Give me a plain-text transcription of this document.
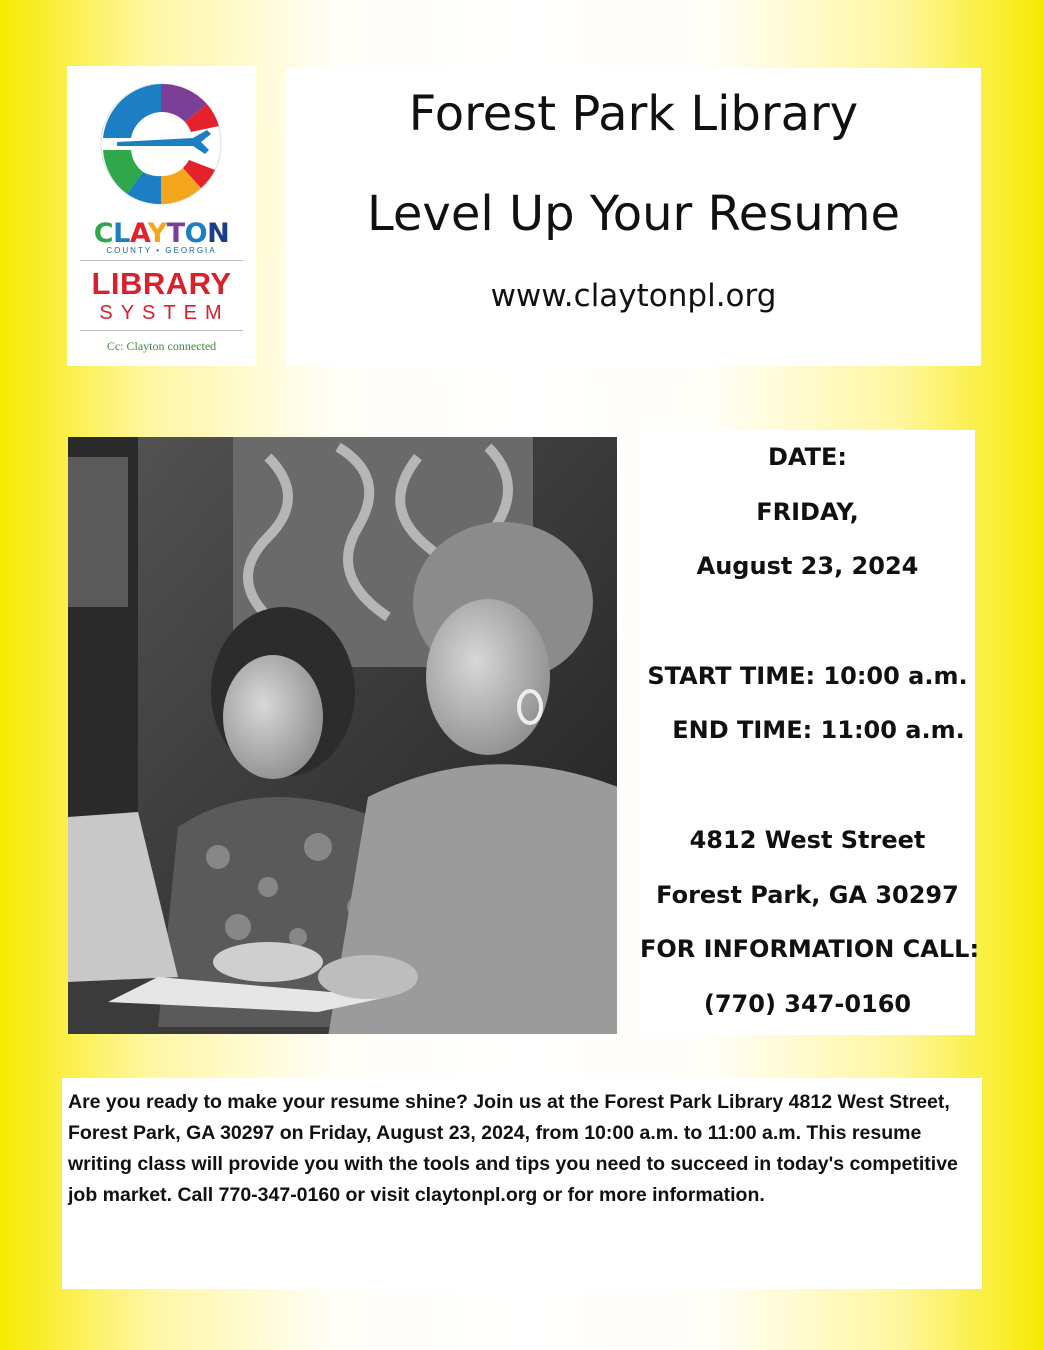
CLAYTON
COUNTY • GEORGIA
LIBRARY
SYSTEM
Cc: Clayton connected
Forest Park Library
Level Up Your Resume
www.claytonpl.org
DATE:
FRIDAY,
August 23, 2024
START TIME: 10:00 a.m.
END TIME: 11:00 a.m.
4812 West Street
Forest Park, GA 30297
FOR INFORMATION CALL:
(770) 347-0160
Are you ready to make your resume shine? Join us at the Forest Park Library 4812 West Street, Forest Park, GA 30297 on Friday, August 23, 2024, from 10:00 a.m. to 11:00 a.m. This resume writing class will provide you with the tools and tips you need to succeed in today's competitive job market. Call 770-347-0160 or visit claytonpl.org or for more information.
